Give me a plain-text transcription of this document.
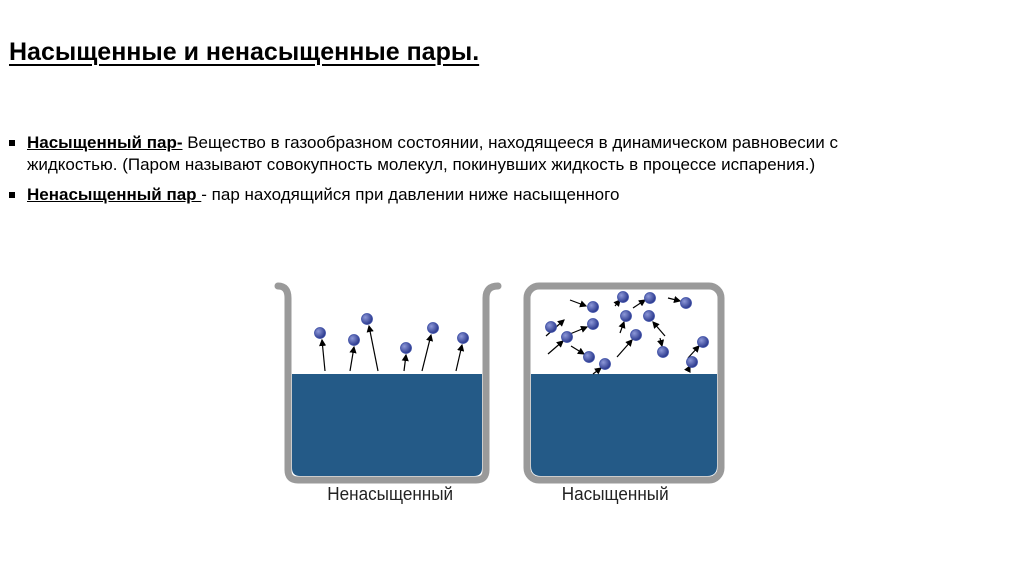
Насыщенные и ненасыщенные пары.
Насыщенный пар- Вещество в газообразном состоянии, находящееся в динамическом равновесии с жидкостью. (Паром называют совокупность молекул, покинувших жидкость в процессе испарения.)
Ненасыщенный пар - пар находящийся при давлении ниже насыщенного
Ненасыщенный	Насыщенный
